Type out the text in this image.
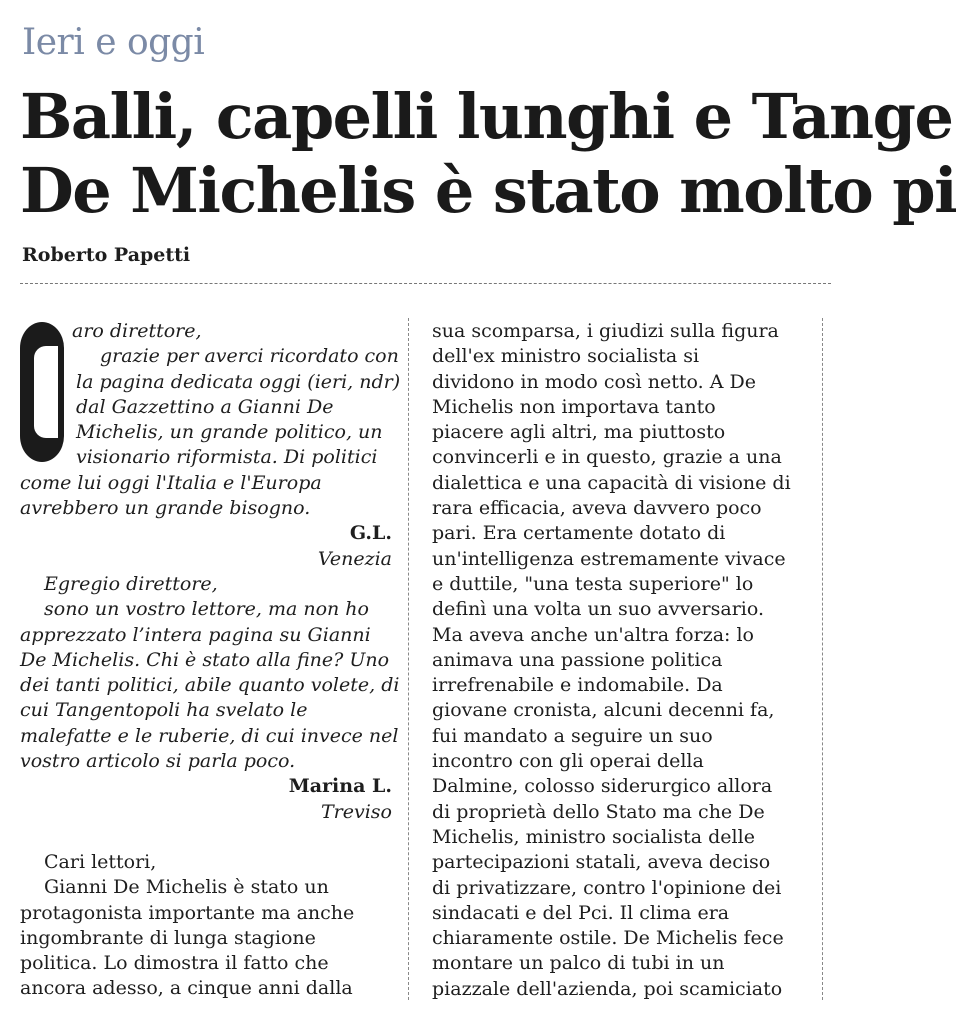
Ieri e oggi
Balli, capelli lunghi e Tange
De Michelis è stato molto pi
Roberto Papetti
aro direttore,
grazie per averci ricordato con
la pagina dedicata oggi (ieri, ndr)
dal Gazzettino a Gianni De
Michelis, un grande politico, un
visionario riformista. Di politici
come lui oggi l'Italia e l'Europa
avrebbero un grande bisogno.
G.L.
Venezia
Egregio direttore,
sono un vostro lettore, ma non ho
apprezzato l’intera pagina su Gianni
De Michelis. Chi è stato alla fine? Uno
dei tanti politici, abile quanto volete, di
cui Tangentopoli ha svelato le
malefatte e le ruberie, di cui invece nel
vostro articolo si parla poco.
Marina L.
Treviso
Cari lettori,
Gianni De Michelis è stato un
protagonista importante ma anche
ingombrante di lunga stagione
politica. Lo dimostra il fatto che
ancora adesso, a cinque anni dalla
sua scomparsa, i giudizi sulla figura
dell'ex ministro socialista si
dividono in modo così netto. A De
Michelis non importava tanto
piacere agli altri, ma piuttosto
convincerli e in questo, grazie a una
dialettica e una capacità di visione di
rara efficacia, aveva davvero poco
pari. Era certamente dotato di
un'intelligenza estremamente vivace
e duttile, "una testa superiore" lo
definì una volta un suo avversario.
Ma aveva anche un'altra forza: lo
animava una passione politica
irrefrenabile e indomabile. Da
giovane cronista, alcuni decenni fa,
fui mandato a seguire un suo
incontro con gli operai della
Dalmine, colosso siderurgico allora
di proprietà dello Stato ma che De
Michelis, ministro socialista delle
partecipazioni statali, aveva deciso
di privatizzare, contro l'opinione dei
sindacati e del Pci. Il clima era
chiaramente ostile. De Michelis fece
montare un palco di tubi in un
piazzale dell'azienda, poi scamiciato
